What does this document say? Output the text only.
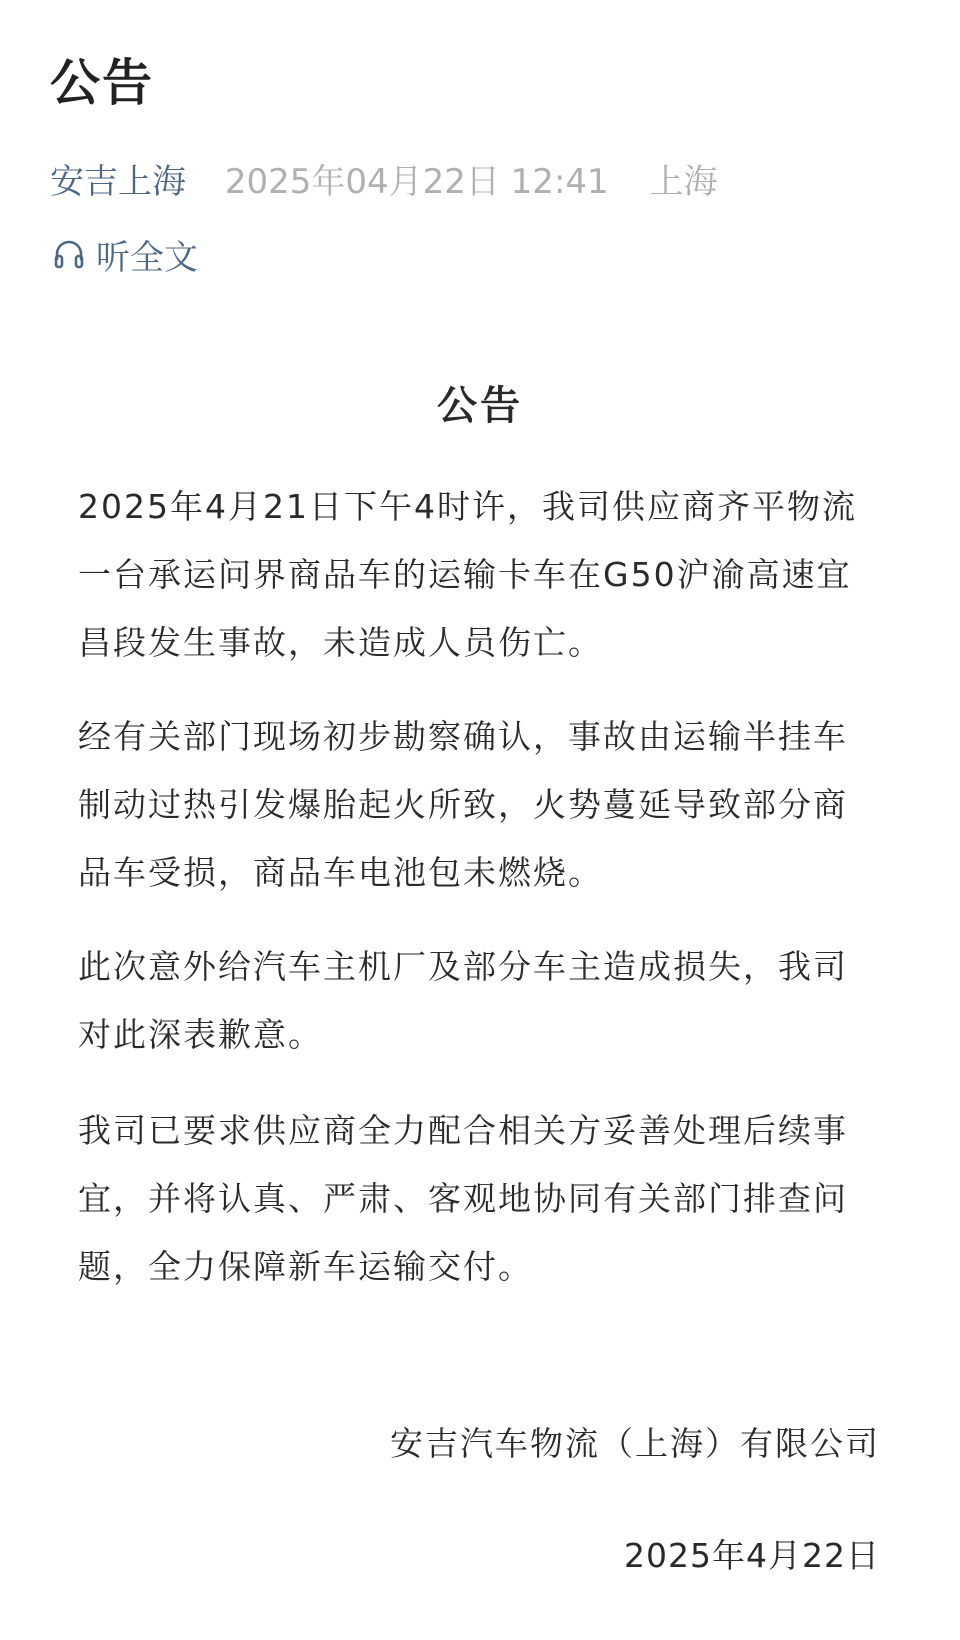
公告
安吉上海 2025年04月22日 12:41 上海
听全文
公告
2025年4月21日下午4时许，我司供应商齐平物流
一台承运问界商品车的运输卡车在G50沪渝高速宜
昌段发生事故，未造成人员伤亡。
经有关部门现场初步勘察确认，事故由运输半挂车
制动过热引发爆胎起火所致，火势蔓延导致部分商
品车受损，商品车电池包未燃烧。
此次意外给汽车主机厂及部分车主造成损失，我司
对此深表歉意。
我司已要求供应商全力配合相关方妥善处理后续事
宜，并将认真、严肃、客观地协同有关部门排查问
题，全力保障新车运输交付。
安吉汽车物流（上海）有限公司
2025年4月22日
